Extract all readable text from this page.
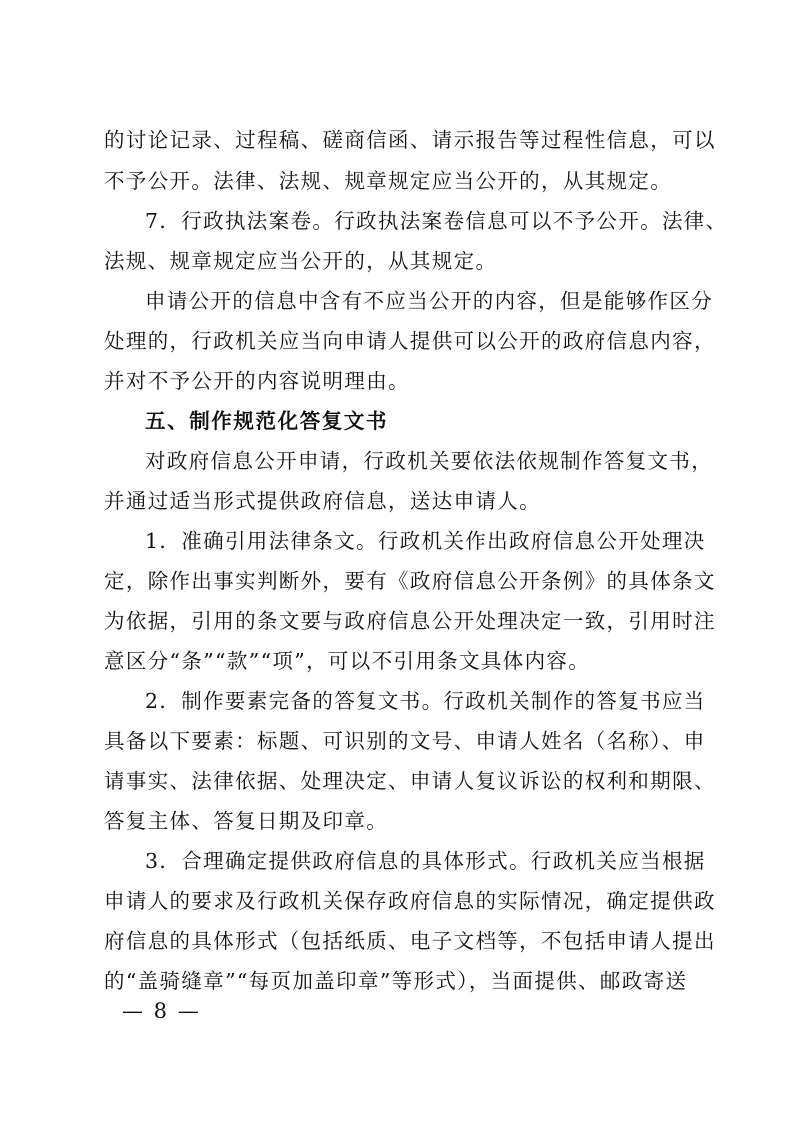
的讨论记录、过程稿、磋商信函、请示报告等过程性信息，可以
不予公开。法律、法规、规章规定应当公开的，从其规定。
7．行政执法案卷。行政执法案卷信息可以不予公开。法律、
法规、规章规定应当公开的，从其规定。
申请公开的信息中含有不应当公开的内容，但是能够作区分
处理的，行政机关应当向申请人提供可以公开的政府信息内容，
并对不予公开的内容说明理由。
五、制作规范化答复文书
对政府信息公开申请，行政机关要依法依规制作答复文书，
并通过适当形式提供政府信息，送达申请人。
1．准确引用法律条文。行政机关作出政府信息公开处理决
定，除作出事实判断外，要有《政府信息公开条例》的具体条文
为依据，引用的条文要与政府信息公开处理决定一致，引用时注
意区分“条”“款”“项”，可以不引用条文具体内容。
2．制作要素完备的答复文书。行政机关制作的答复书应当
具备以下要素：标题、可识别的文号、申请人姓名（名称）、申
请事实、法律依据、处理决定、申请人复议诉讼的权利和期限、
答复主体、答复日期及印章。
3．合理确定提供政府信息的具体形式。行政机关应当根据
申请人的要求及行政机关保存政府信息的实际情况，确定提供政
府信息的具体形式（包括纸质、电子文档等，不包括申请人提出
的“盖骑缝章”“每页加盖印章”等形式），当面提供、邮政寄送
— 8 —
